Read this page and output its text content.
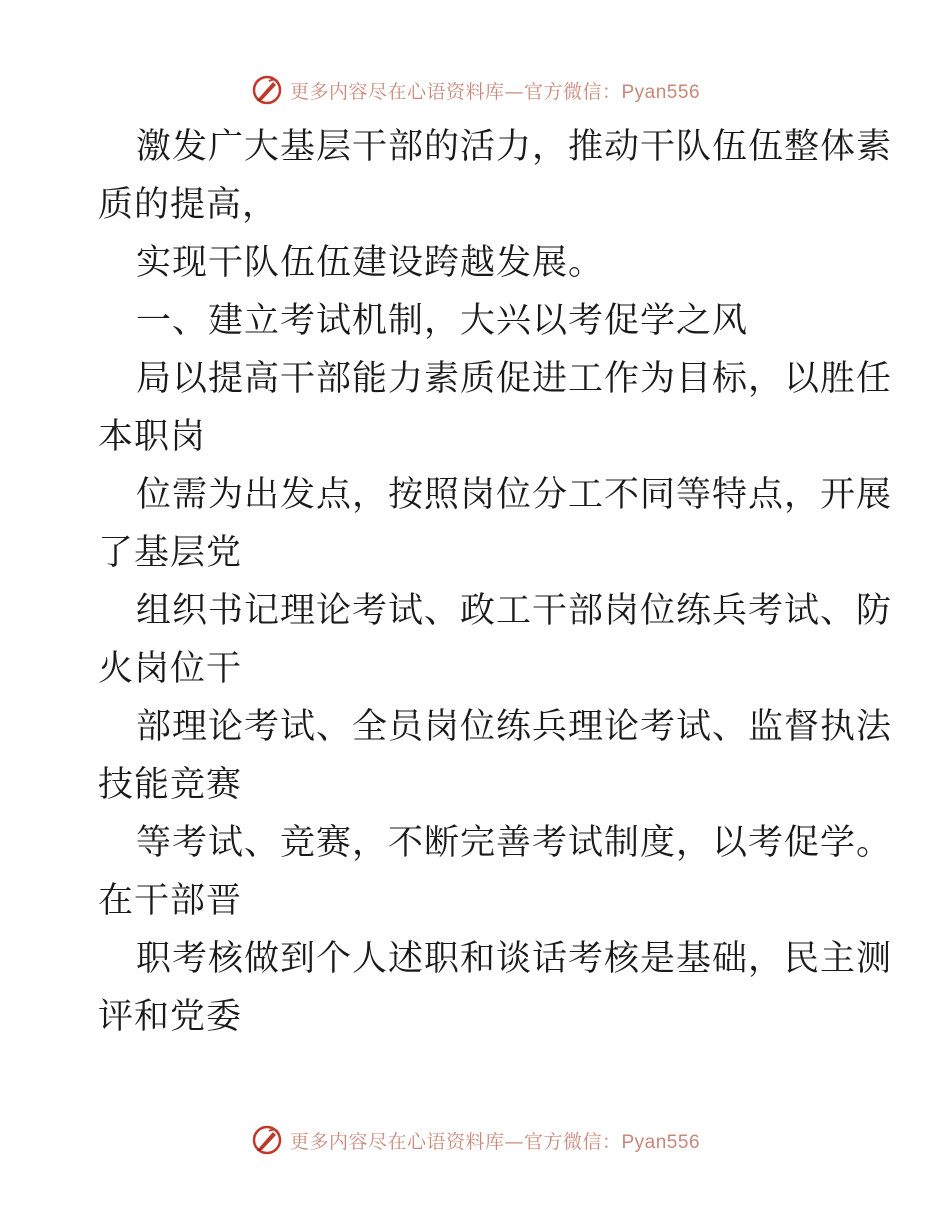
更多内容尽在心语资料库—官方微信：Pyan556
激发广大基层干部的活力，推动干队伍伍整体素
质的提高，
实现干队伍伍建设跨越发展。
一、建立考试机制，大兴以考促学之风
局以提高干部能力素质促进工作为目标，以胜任
本职岗
位需为出发点，按照岗位分工不同等特点，开展
了基层党
组织书记理论考试、政工干部岗位练兵考试、防
火岗位干
部理论考试、全员岗位练兵理论考试、监督执法
技能竞赛
等考试、竞赛，不断完善考试制度，以考促学。
在干部晋
职考核做到个人述职和谈话考核是基础，民主测
评和党委
更多内容尽在心语资料库—官方微信：Pyan556
